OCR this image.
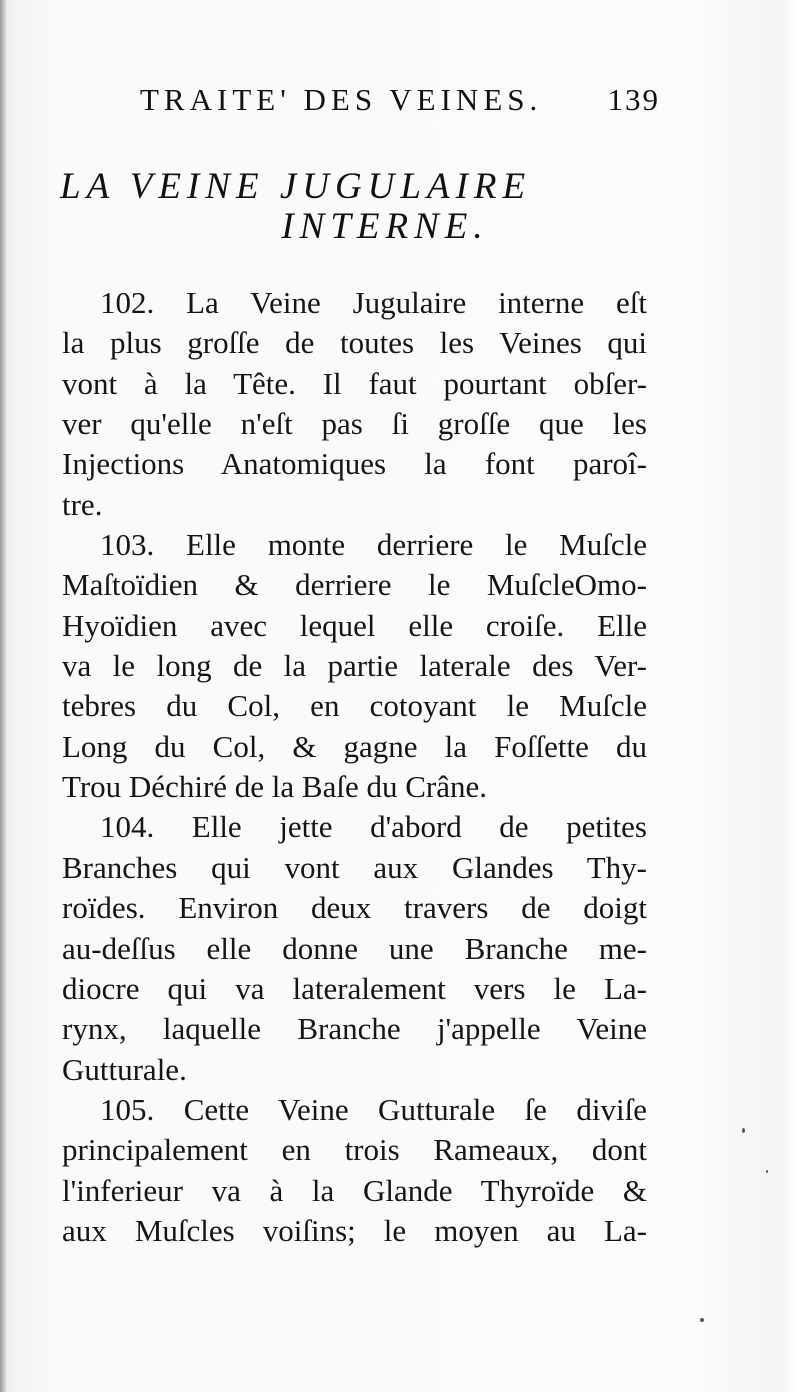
TRAITE' DES VEINES. 139
LA VEINE JUGULAIRE
INTERNE.
102. La Veine Jugulaire interne eſt
la plus groſſe de toutes les Veines qui
vont à la Tête. Il faut pourtant obſer-
ver qu'elle n'eſt pas ſi groſſe que les
Injections Anatomiques la font paroî-
tre.
103. Elle monte derriere le Muſcle
Maſtoïdien & derriere le MuſcleOmo-
Hyoïdien avec lequel elle croiſe. Elle
va le long de la partie laterale des Ver-
tebres du Col, en cotoyant le Muſcle
Long du Col, & gagne la Foſſette du
Trou Déchiré de la Baſe du Crâne.
104. Elle jette d'abord de petites
Branches qui vont aux Glandes Thy-
roïdes. Environ deux travers de doigt
au-deſſus elle donne une Branche me-
diocre qui va lateralement vers le La-
rynx, laquelle Branche j'appelle Veine
Gutturale.
105. Cette Veine Gutturale ſe diviſe
principalement en trois Rameaux, dont
l'inferieur va à la Glande Thyroïde &
aux Muſcles voiſins; le moyen au La-
